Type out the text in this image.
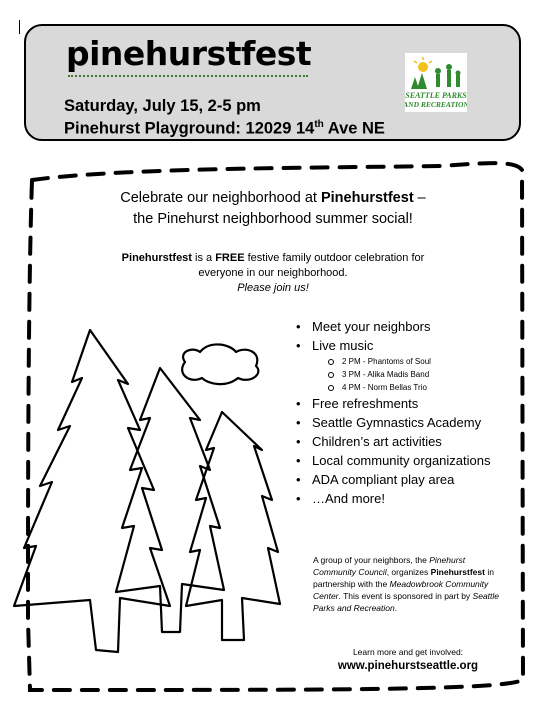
pinehurstfest
Saturday, July 15, 2-5 pm
Pinehurst Playground: 12029 14th Ave NE
SEATTLE PARKS
AND RECREATION
Celebrate our neighborhood at Pinehurstfest –
the Pinehurst neighborhood summer social!
Pinehurstfest is a FREE festive family outdoor celebration for everyone in our neighborhood.
Please join us!
• Meet your neighbors
• Live music
2 PM - Phantoms of Soul
3 PM - Alika Madis Band
4 PM - Norm Bellas Trio
• Free refreshments
• Seattle Gymnastics Academy
• Children’s art activities
• Local community organizations
• ADA compliant play area
• …And more!
A group of your neighbors, the Pinehurst Community Council, organizes Pinehurstfest in partnership with the Meadowbrook Community Center. This event is sponsored in part by Seattle Parks and Recreation.
Learn more and get involved:
www.pinehurstseattle.org
